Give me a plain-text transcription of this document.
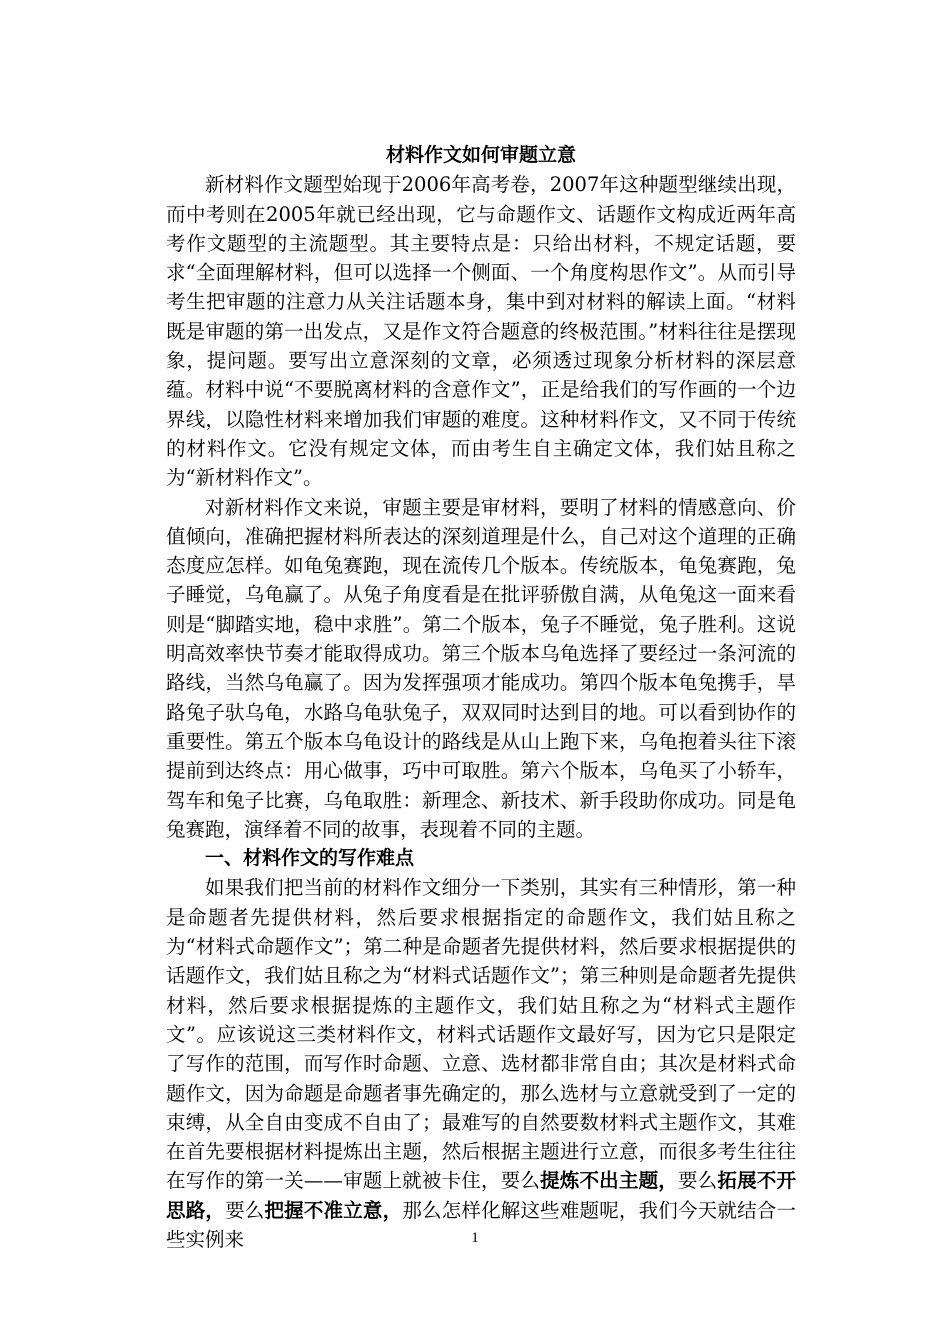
材料作文如何审题立意

新材料作文题型始现于2006年高考卷，2007年这种题型继续出现，而中考则在2005年就已经出现，它与命题作文、话题作文构成近两年高考作文题型的主流题型。其主要特点是：只给出材料，不规定话题，要求“全面理解材料，但可以选择一个侧面、一个角度构思作文”。从而引导考生把审题的注意力从关注话题本身，集中到对材料的解读上面。“材料既是审题的第一出发点，又是作文符合题意的终极范围。”材料往往是摆现象，提问题。要写出立意深刻的文章，必须透过现象分析材料的深层意蕴。材料中说“不要脱离材料的含意作文”，正是给我们的写作画的一个边界线，以隐性材料来增加我们审题的难度。这种材料作文，又不同于传统的材料作文。它没有规定文体，而由考生自主确定文体，我们姑且称之为“新材料作文”。

对新材料作文来说，审题主要是审材料，要明了材料的情感意向、价值倾向，准确把握材料所表达的深刻道理是什么，自己对这个道理的正确态度应怎样。如龟兔赛跑，现在流传几个版本。传统版本，龟兔赛跑，兔子睡觉，乌龟赢了。从兔子角度看是在批评骄傲自满，从龟兔这一面来看则是“脚踏实地，稳中求胜”。第二个版本，兔子不睡觉，兔子胜利。这说明高效率快节奏才能取得成功。第三个版本乌龟选择了要经过一条河流的路线，当然乌龟赢了。因为发挥强项才能成功。第四个版本龟兔携手，旱路兔子驮乌龟，水路乌龟驮兔子，双双同时达到目的地。可以看到协作的重要性。第五个版本乌龟设计的路线是从山上跑下来，乌龟抱着头往下滚提前到达终点：用心做事，巧中可取胜。第六个版本，乌龟买了小轿车，驾车和兔子比赛，乌龟取胜：新理念、新技术、新手段助你成功。同是龟兔赛跑，演绎着不同的故事，表现着不同的主题。

一、材料作文的写作难点

如果我们把当前的材料作文细分一下类别，其实有三种情形，第一种是命题者先提供材料，然后要求根据指定的命题作文，我们姑且称之为“材料式命题作文”；第二种是命题者先提供材料，然后要求根据提供的话题作文，我们姑且称之为“材料式话题作文”；第三种则是命题者先提供材料，然后要求根据提炼的主题作文，我们姑且称之为“材料式主题作文”。应该说这三类材料作文，材料式话题作文最好写，因为它只是限定了写作的范围，而写作时命题、立意、选材都非常自由；其次是材料式命题作文，因为命题是命题者事先确定的，那么选材与立意就受到了一定的束缚，从全自由变成不自由了；最难写的自然要数材料式主题作文，其难在首先要根据材料提炼出主题，然后根据主题进行立意，而很多考生往往在写作的第一关——审题上就被卡住，要么提炼不出主题，要么拓展不开思路，要么把握不准立意，那么怎样化解这些难题呢，我们今天就结合一些实例来	1
